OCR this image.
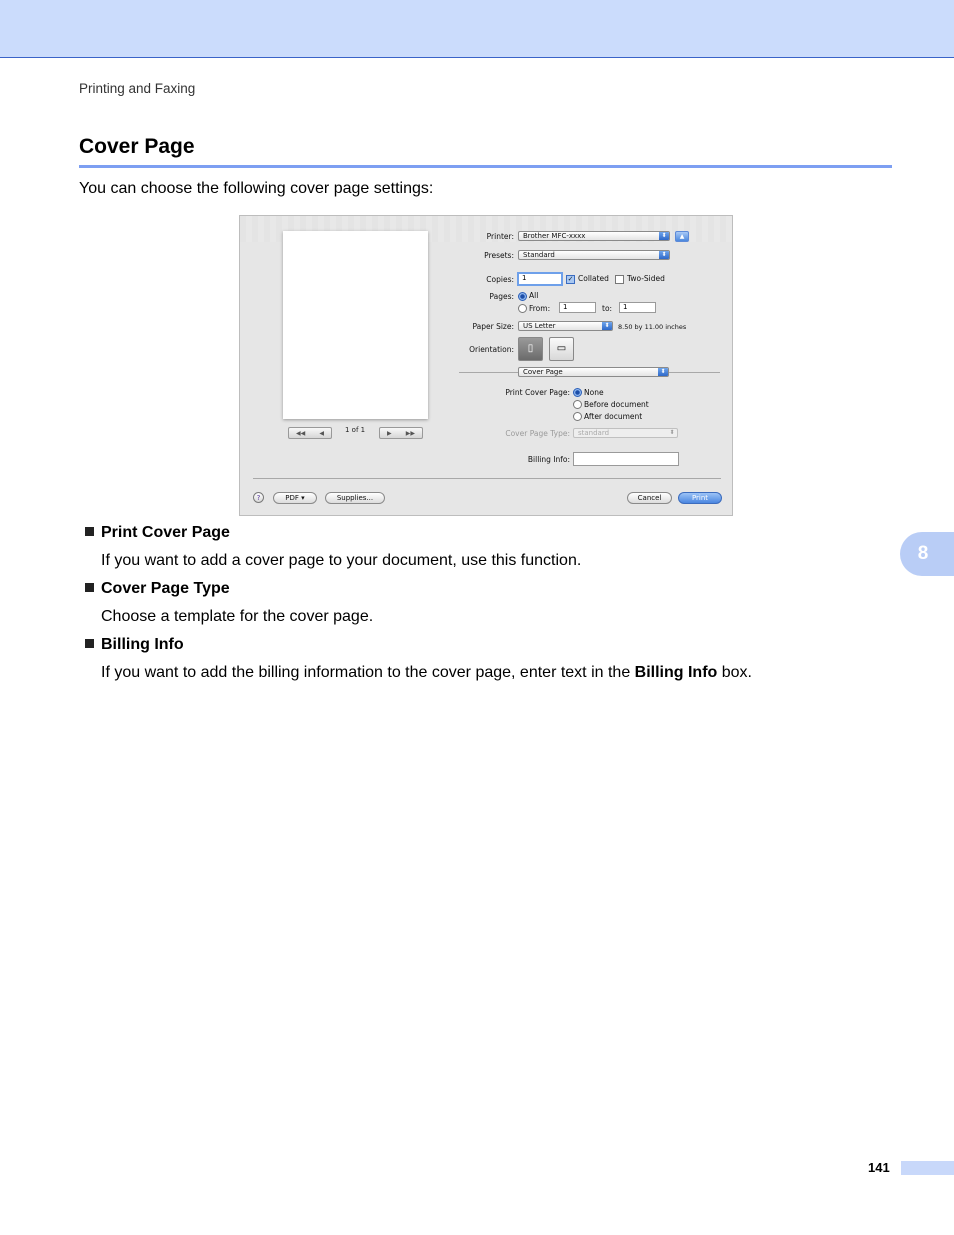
Printing and Faxing
Cover Page
You can choose the following cover page settings:
8
◀◀ ◀	1 of 1	▶ ▶▶
Printer:	Brother MFC-xxxx	⬍	▲
Presets:	Standard	⬍
Copies:	1	✓ Collated Two-Sided
Pages: All
From:	1	to:	1
Paper Size:	US Letter	⬍	8.50 by 11.00 inches
Orientation:	▯	▭
Cover Page	⬍
Print Cover Page: None
Before document
After document
Cover Page Type:	standard	⬍
Billing Info:
?	PDF ▾	Supplies...	Cancel	Print
Print Cover Page
If you want to add a cover page to your document, use this function.
Cover Page Type
Choose a template for the cover page.
Billing Info
If you want to add the billing information to the cover page, enter text in the Billing Info box.
141
